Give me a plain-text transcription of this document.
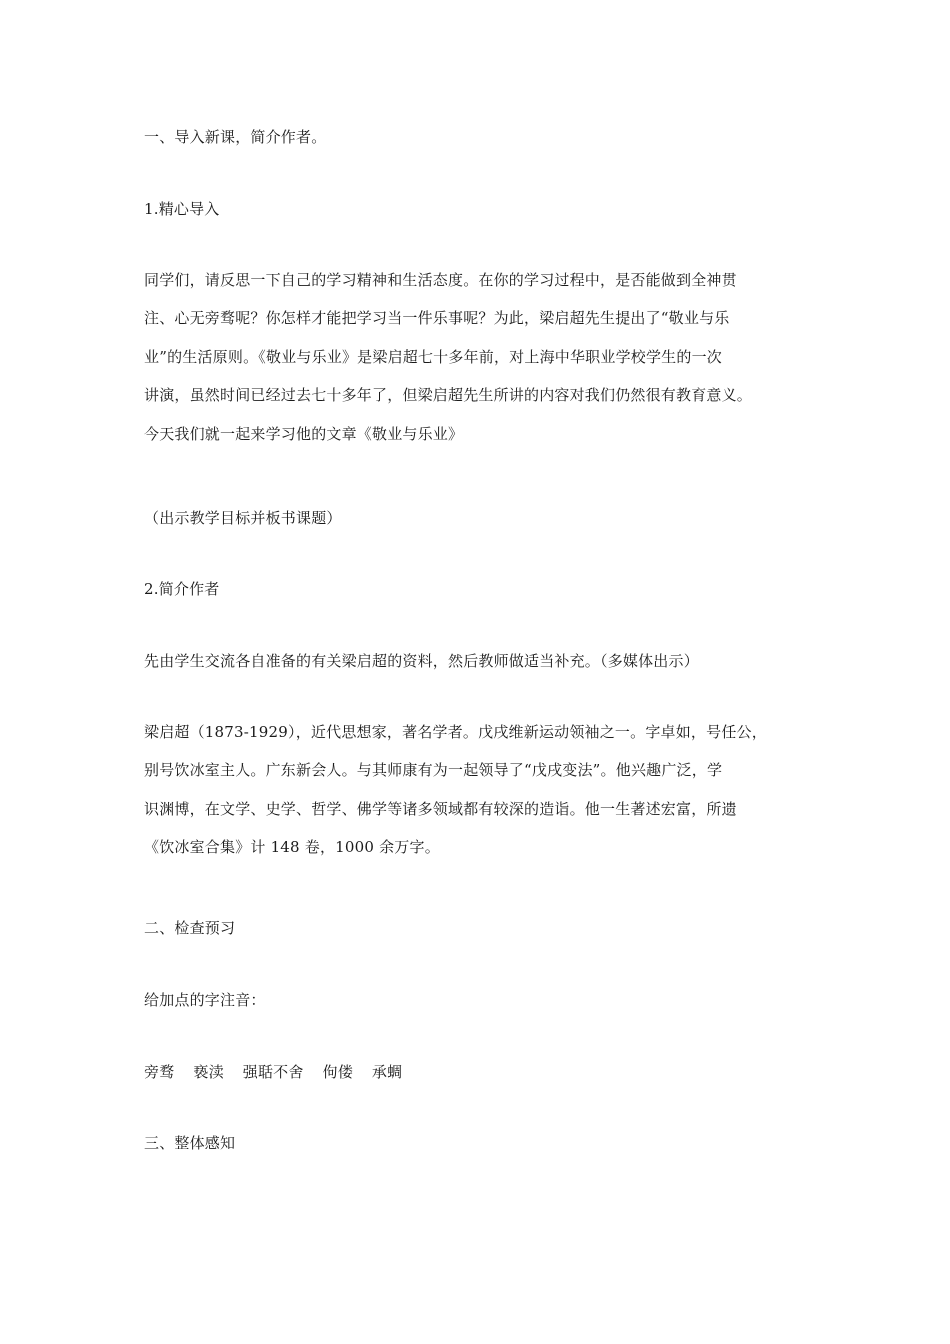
一、导入新课，简介作者。
1.精心导入
同学们，请反思一下自己的学习精神和生活态度。在你的学习过程中，是否能做到全神贯
注、心无旁骛呢？你怎样才能把学习当一件乐事呢？为此，梁启超先生提出了“敬业与乐
业”的生活原则。《敬业与乐业》是梁启超七十多年前，对上海中华职业学校学生的一次
讲演，虽然时间已经过去七十多年了，但梁启超先生所讲的内容对我们仍然很有教育意义。
今天我们就一起来学习他的文章《敬业与乐业》
（出示教学目标并板书课题）
2.简介作者
先由学生交流各自准备的有关梁启超的资料，然后教师做适当补充。（多媒体出示）
梁启超（1873-1929），近代思想家，著名学者。戊戌维新运动领袖之一。字卓如，号任公，
别号饮冰室主人。广东新会人。与其师康有为一起领导了“戊戌变法”。他兴趣广泛，学
识渊博，在文学、史学、哲学、佛学等诸多领域都有较深的造诣。他一生著述宏富，所遗
《饮冰室合集》计 148 卷，1000 余万字。
二、检查预习
给加点的字注音：
旁骛 亵渎 强聒不舍 佝偻 承蜩
三、整体感知
